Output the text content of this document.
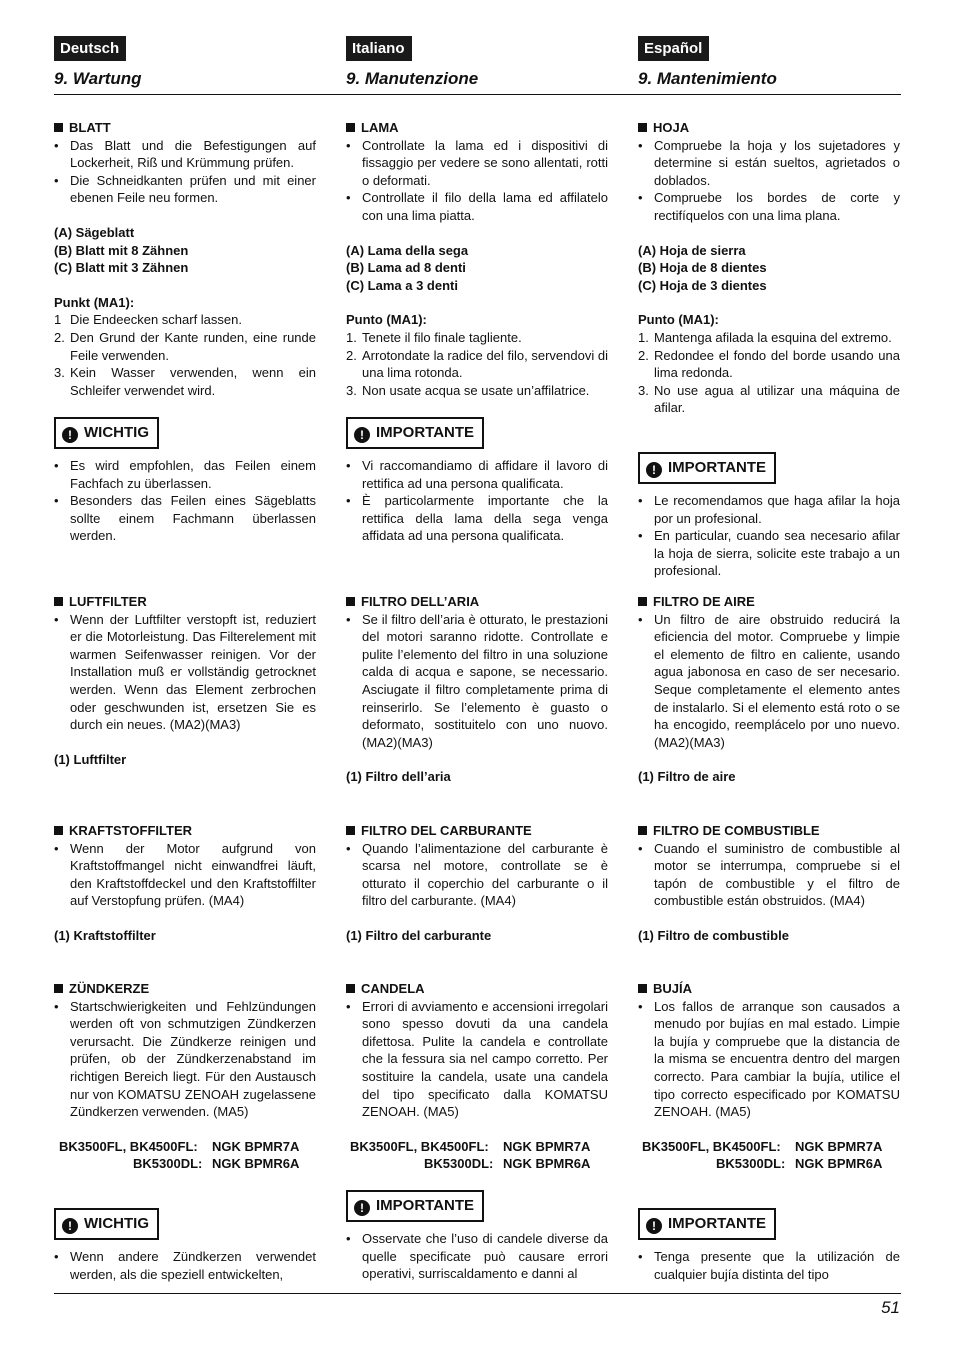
Deutsch
9. Wartung
BLATT
• Das Blatt und die Befestigungen auf Lockerheit, Riß und Krümmung prüfen.
• Die Schneidkanten prüfen und mit einer ebenen Feile neu formen.
(A) Sägeblatt
(B) Blatt mit 8 Zähnen
(C) Blatt mit 3 Zähnen
Punkt (MA1):
1 Die Endeecken scharf lassen.
2. Den Grund der Kante runden, eine runde Feile verwenden.
3. Kein Wasser verwenden, wenn ein Schleifer verwendet wird.
! WICHTIG
• Es wird empfohlen, das Feilen einem Fachfach zu überlassen.
• Besonders das Feilen eines Sägeblatts sollte einem Fachmann überlassen werden.
LUFTFILTER
• Wenn der Luftfilter verstopft ist, reduziert er die Motorleistung. Das Filterelement mit warmen Seifenwasser reinigen. Vor der Installation muß er vollständig getrocknet werden. Wenn das Element zerbrochen oder geschwunden ist, ersetzen Sie es durch ein neues. (MA2)(MA3)
(1) Luftfilter
KRAFTSTOFFILTER
• Wenn der Motor aufgrund von Kraftstoffmangel nicht einwandfrei läuft, den Kraftstoffdeckel und den Kraftstoffilter auf Verstopfung prüfen. (MA4)
(1) Kraftstoffilter
ZÜNDKERZE
• Startschwierigkeiten und Fehlzündungen werden oft von schmutzigen Zündkerzen verursacht. Die Zündkerze reinigen und prüfen, ob der Zündkerzenabstand im richtigen Bereich liegt. Für den Austausch nur von KOMATSU ZENOAH zugelassene Zündkerzen verwenden. (MA5)
BK3500FL, BK4500FL: NGK BPMR7A
BK5300DL: NGK BPMR6A
! WICHTIG
• Wenn andere Zündkerzen verwendet werden, als die speziell entwickelten,
Italiano
9. Manutenzione
LAMA
• Controllate la lama ed i dispositivi di fissaggio per vedere se sono allentati, rotti o deformati.
• Controllate il filo della lama ed affilatelo con una lima piatta.
(A) Lama della sega
(B) Lama ad 8 denti
(C) Lama a 3 denti
Punto (MA1):
1. Tenete il filo finale tagliente.
2. Arrotondate la radice del filo, servendovi di una lima rotonda.
3. Non usate acqua se usate un’affilatrice.
! IMPORTANTE
• Vi raccomandiamo di affidare il lavoro di rettifica ad una persona qualificata.
• È particolarmente importante che la rettifica della lama della sega venga affidata ad una persona qualificata.
FILTRO DELL’ARIA
• Se il filtro dell’aria è otturato, le prestazioni del motori saranno ridotte. Controllate e pulite l’elemento del filtro in una soluzione calda di acqua e sapone, se necessario. Asciugate il filtro completamente prima di reinserirlo. Se l’elemento è guasto o deformato, sostituitelo con uno nuovo. (MA2)(MA3)
(1) Filtro dell’aria
FILTRO DEL CARBURANTE
• Quando l’alimentazione del carburante è scarsa nel motore, controllate se è otturato il coperchio del carburante o il filtro del carburante. (MA4)
(1) Filtro del carburante
CANDELA
• Errori di avviamento e accensioni irregolari sono spesso dovuti da una candela difettosa. Pulite la candela e controllate che la fessura sia nel campo corretto. Per sostituire la candela, usate una candela del tipo specificato dalla KOMATSU ZENOAH. (MA5)
BK3500FL, BK4500FL: NGK BPMR7A
BK5300DL: NGK BPMR6A
! IMPORTANTE
• Osservate che l’uso di candele diverse da quelle specificate può causare errori operativi, surriscaldamento e danni al
Español
9. Mantenimiento
HOJA
• Compruebe la hoja y los sujetadores y determine si están sueltos, agrietados o doblados.
• Compruebe los bordes de corte y rectifíquelos con una lima plana.
(A) Hoja de sierra
(B) Hoja de 8 dientes
(C) Hoja de 3 dientes
Punto (MA1):
1. Mantenga afilada la esquina del extremo.
2. Redondee el fondo del borde usando una lima redonda.
3. No use agua al utilizar una máquina de afilar.
! IMPORTANTE
• Le recomendamos que haga afilar la hoja por un profesional.
• En particular, cuando sea necesario afilar la hoja de sierra, solicite este trabajo a un profesional.
FILTRO DE AIRE
• Un filtro de aire obstruido reducirá la eficiencia del motor. Compruebe y limpie el elemento de filtro en caliente, usando agua jabonosa en caso de ser necesario. Seque completamente el elemento antes de instalarlo. Si el elemento está roto o se ha encogido, reemplácelo por uno nuevo. (MA2)(MA3)
(1) Filtro de aire
FILTRO DE COMBUSTIBLE
• Cuando el suministro de combustible al motor se interrumpa, compruebe si el tapón de combustible y el filtro de combustible están obstruidos. (MA4)
(1) Filtro de combustible
BUJÍA
• Los fallos de arranque son causados a menudo por bujías en mal estado. Limpie la bujía y compruebe que la distancia de la misma se encuentra dentro del margen correcto. Para cambiar la bujía, utilice el tipo correcto especificado por KOMATSU ZENOAH. (MA5)
BK3500FL, BK4500FL: NGK BPMR7A
BK5300DL: NGK BPMR6A
! IMPORTANTE
• Tenga presente que la utilización de cualquier bujía distinta del tipo
51
